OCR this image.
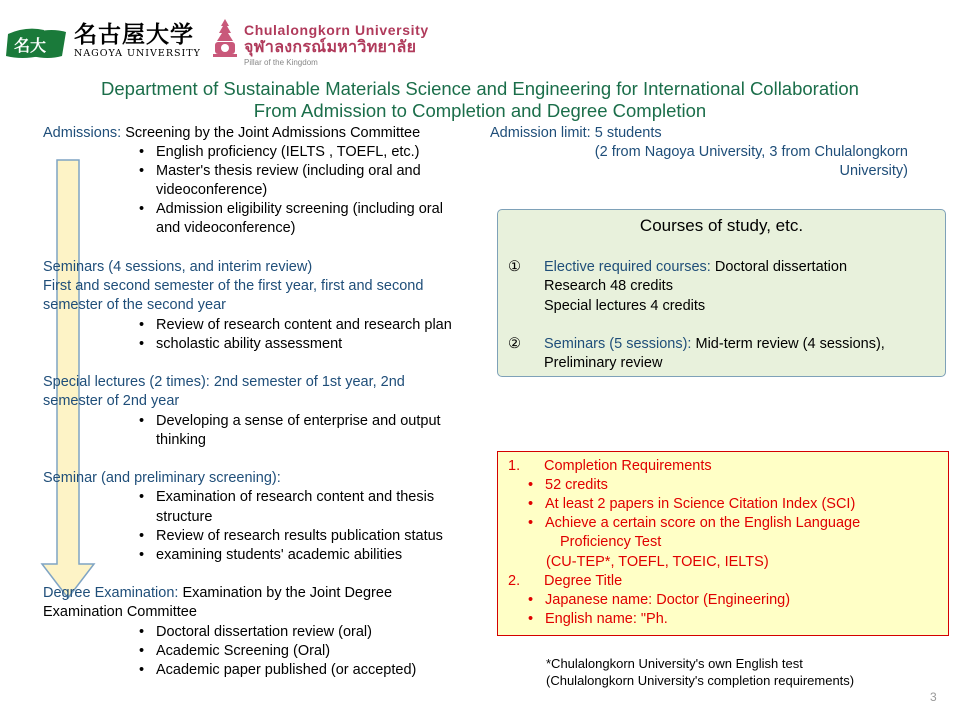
名大 名古屋大学
NAGOYA UNIVERSITY
Chulalongkorn University
จุฬาลงกรณ์มหาวิทยาลัย
Pillar of the Kingdom
Department of Sustainable Materials Science and Engineering for International Collaboration
From Admission to Completion and Degree Completion
Admissions: Screening by the Joint Admissions Committee
• English proficiency (IELTS , TOEFL, etc.)
• Master's thesis review (including oral and
videoconference)
• Admission eligibility screening (including oral
and videoconference)
Seminars (4 sessions, and interim review)
First and second semester of the first year, first and second
semester of the second year
• Review of research content and research plan
• scholastic ability assessment
Special lectures (2 times): 2nd semester of 1st year, 2nd
semester of 2nd year
• Developing a sense of enterprise and output
thinking
Seminar (and preliminary screening):
• Examination of research content and thesis
structure
• Review of research results publication status
• examining students' academic abilities
Degree Examination: Examination by the Joint Degree
Examination Committee
• Doctoral dissertation review (oral)
• Academic Screening (Oral)
• Academic paper published (or accepted)
Admission limit: 5 students
(2 from Nagoya University, 3 from Chulalongkorn
University)
Courses of study, etc.
① Elective required courses: Doctoral dissertation
Research 48 credits
Special lectures 4 credits
② Seminars (5 sessions): Mid-term review (4 sessions),
Preliminary review
1. Completion Requirements
• 52 credits
• At least 2 papers in Science Citation Index (SCI)
• Achieve a certain score on the English Language
Proficiency Test
(CU-TEP*, TOEFL, TOEIC, IELTS)
2. Degree Title
• Japanese name: Doctor (Engineering)
• English name: "Ph.
*Chulalongkorn University's own English test
(Chulalongkorn University's completion requirements)
3
